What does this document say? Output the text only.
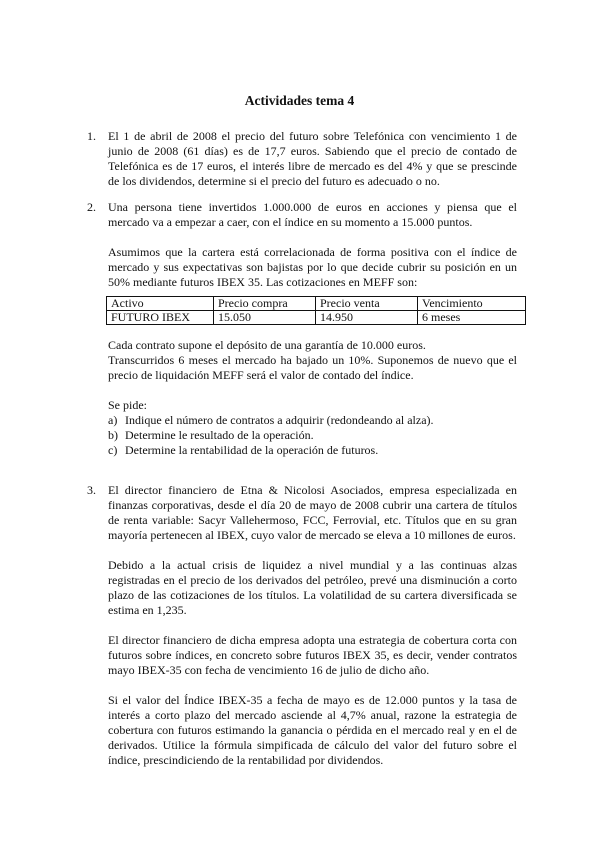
Actividades tema 4
1. El 1 de abril de 2008 el precio del futuro sobre Telefónica con vencimiento 1 de junio de 2008 (61 días) es de 17,7 euros. Sabiendo que el precio de contado de Telefónica es de 17 euros, el interés libre de mercado es del 4% y que se prescinde de los dividendos, determine si el precio del futuro es adecuado o no.

2. Una persona tiene invertidos 1.000.000 de euros en acciones y piensa que el mercado va a empezar a caer, con el índice en su momento a 15.000 puntos.

Asumimos que la cartera está correlacionada de forma positiva con el índice de mercado y sus expectativas son bajistas por lo que decide cubrir su posición en un 50% mediante futuros IBEX 35. Las cotizaciones en MEFF son:

Activo	Precio compra	Precio venta	Vencimiento
FUTURO IBEX	15.050	14.950	6 meses

Cada contrato supone el depósito de una garantía de 10.000 euros.
Transcurridos 6 meses el mercado ha bajado un 10%. Suponemos de nuevo que el precio de liquidación MEFF será el valor de contado del índice.

Se pide:

a) Indique el número de contratos a adquirir (redondeando al alza).
b) Determine le resultado de la operación.
c) Determine la rentabilidad de la operación de futuros.
3. El director financiero de Etna & Nicolosi Asociados, empresa especializada en finanzas corporativas, desde el día 20 de mayo de 2008 cubrir una cartera de títulos de renta variable: Sacyr Vallehermoso, FCC, Ferrovial, etc. Títulos que en su gran mayoría pertenecen al IBEX, cuyo valor de mercado se eleva a 10 millones de euros.

Debido a la actual crisis de liquidez a nivel mundial y a las continuas alzas registradas en el precio de los derivados del petróleo, prevé una disminución a corto plazo de las cotizaciones de los títulos. La volatilidad de su cartera diversificada se estima en 1,235.

El director financiero de dicha empresa adopta una estrategia de cobertura corta con futuros sobre índices, en concreto sobre futuros IBEX 35, es decir, vender contratos mayo IBEX-35 con fecha de vencimiento 16 de julio de dicho año.

Si el valor del Índice IBEX-35 a fecha de mayo es de 12.000 puntos y la tasa de interés a corto plazo del mercado asciende al 4,7% anual, razone la estrategia de cobertura con futuros estimando la ganancia o pérdida en el mercado real y en el de derivados. Utilice la fórmula simpificada de cálculo del valor del futuro sobre el índice, prescindiciendo de la rentabilidad por dividendos.
